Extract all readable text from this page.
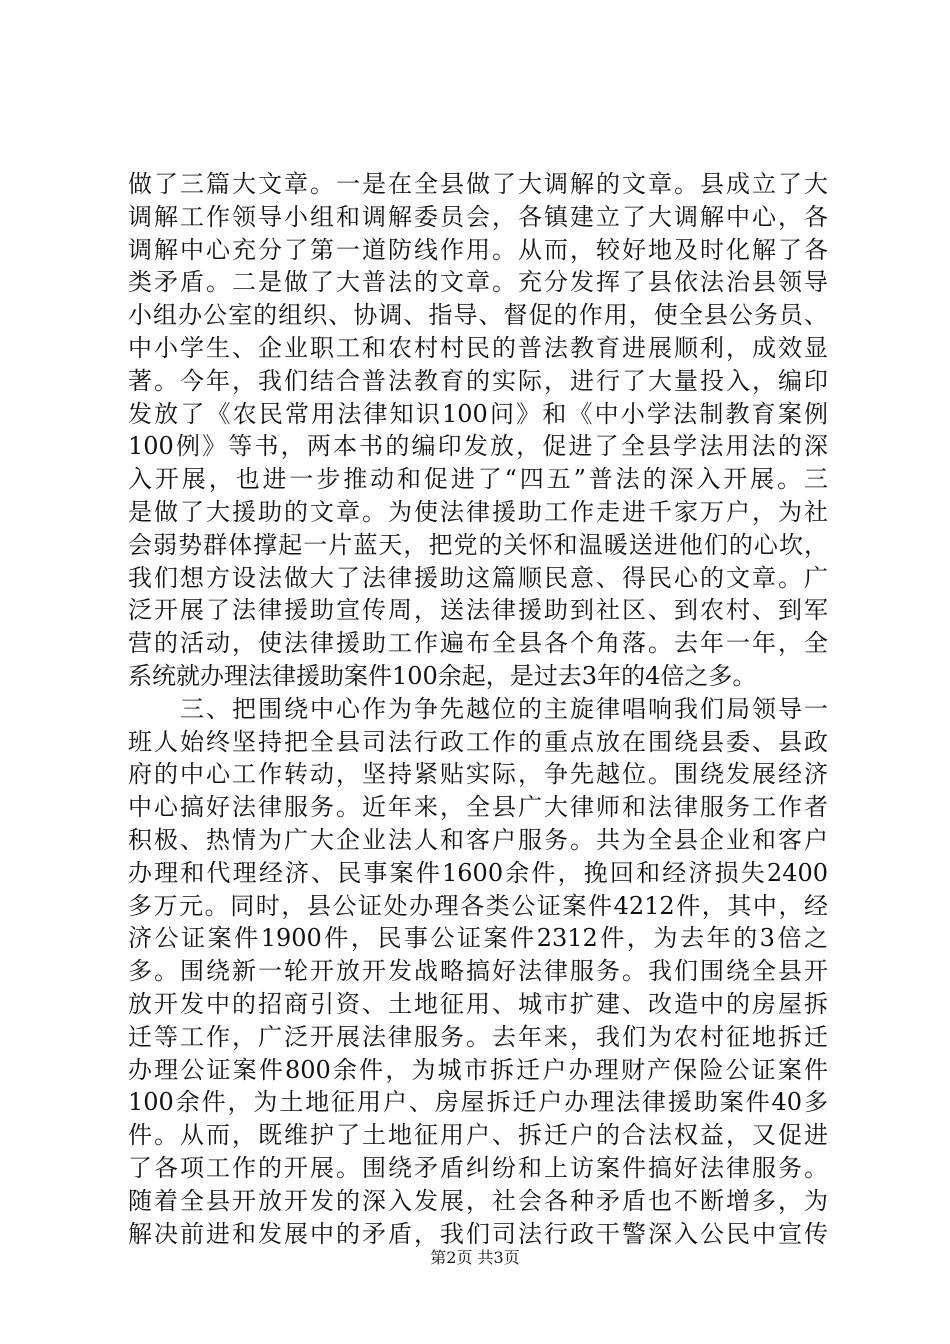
做了三篇大文章。一是在全县做了大调解的文章。县成立了大
调解工作领导小组和调解委员会，各镇建立了大调解中心，各
调解中心充分了第一道防线作用。从而，较好地及时化解了各
类矛盾。二是做了大普法的文章。充分发挥了县依法治县领导
小组办公室的组织、协调、指导、督促的作用，使全县公务员、
中小学生、企业职工和农村村民的普法教育进展顺利，成效显
著。今年，我们结合普法教育的实际，进行了大量投入，编印
发放了《农民常用法律知识100问》和《中小学法制教育案例
100例》等书，两本书的编印发放，促进了全县学法用法的深
入开展，也进一步推动和促进了“四五”普法的深入开展。三
是做了大援助的文章。为使法律援助工作走进千家万户，为社
会弱势群体撑起一片蓝天，把党的关怀和温暖送进他们的心坎，
我们想方设法做大了法律援助这篇顺民意、得民心的文章。广
泛开展了法律援助宣传周，送法律援助到社区、到农村、到军
营的活动，使法律援助工作遍布全县各个角落。去年一年，全
系统就办理法律援助案件100余起，是过去3年的4倍之多。
　　三、把围绕中心作为争先越位的主旋律唱响我们局领导一
班人始终坚持把全县司法行政工作的重点放在围绕县委、县政
府的中心工作转动，坚持紧贴实际，争先越位。围绕发展经济
中心搞好法律服务。近年来，全县广大律师和法律服务工作者
积极、热情为广大企业法人和客户服务。共为全县企业和客户
办理和代理经济、民事案件1600余件，挽回和经济损失2400
多万元。同时，县公证处办理各类公证案件4212件，其中，经
济公证案件1900件，民事公证案件2312件，为去年的3倍之
多。围绕新一轮开放开发战略搞好法律服务。我们围绕全县开
放开发中的招商引资、土地征用、城市扩建、改造中的房屋拆
迁等工作，广泛开展法律服务。去年来，我们为农村征地拆迁
办理公证案件800余件，为城市拆迁户办理财产保险公证案件
100余件，为土地征用户、房屋拆迁户办理法律援助案件40多
件。从而，既维护了土地征用户、拆迁户的合法权益，又促进
了各项工作的开展。围绕矛盾纠纷和上访案件搞好法律服务。
随着全县开放开发的深入发展，社会各种矛盾也不断增多，为
解决前进和发展中的矛盾，我们司法行政干警深入公民中宣传
第2页 共3页
